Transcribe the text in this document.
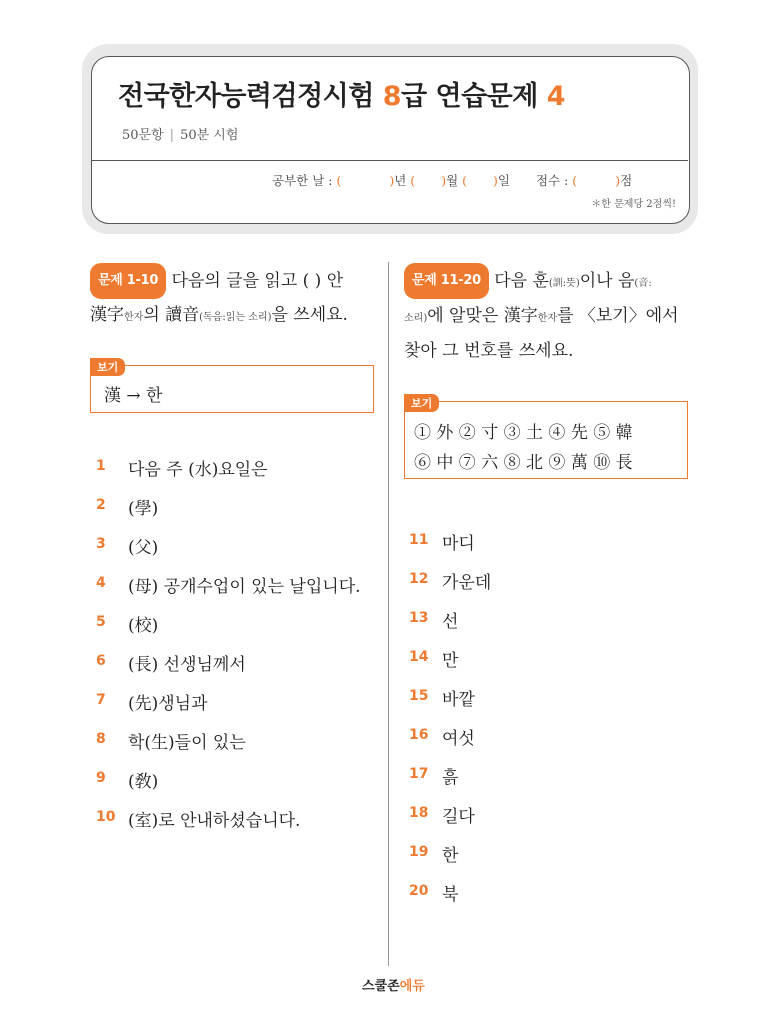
전국한자능력검정시험 8급 연습문제 4
50문항 | 50분 시험
공부한 날 : (	)년 ( )월 ( )일 점수 : (	)점
＊한 문제당 2점씩!
문제 1-10 다음의 글을 읽고 ( ) 안
漢字한자의 讀音(독음:읽는 소리)을 쓰세요.
보기
漢 → 한
1 다음 주 (水)요일은
2 (學)
3 (父)
4 (母) 공개수업이 있는 날입니다.
5 (校)
6 (長) 선생님께서
7 (先)생님과
8 학(生)들이 있는
9 (敎)
10 (室)로 안내하셨습니다.
문제 11-20 다음 훈(訓:뜻)이나 음(音:
소리)에 알맞은 漢字한자를 〈보기〉에서
찾아 그 번호를 쓰세요.
보기
① 外 ② 寸 ③ 土 ④ 先 ⑤ 韓
⑥ 中 ⑦ 六 ⑧ 北 ⑨ 萬 ⑩ 長
11 마디
12 가운데
13 선
14 만
15 바깥
16 여섯
17 흙
18 길다
19 한
20 북
스쿨존에듀
